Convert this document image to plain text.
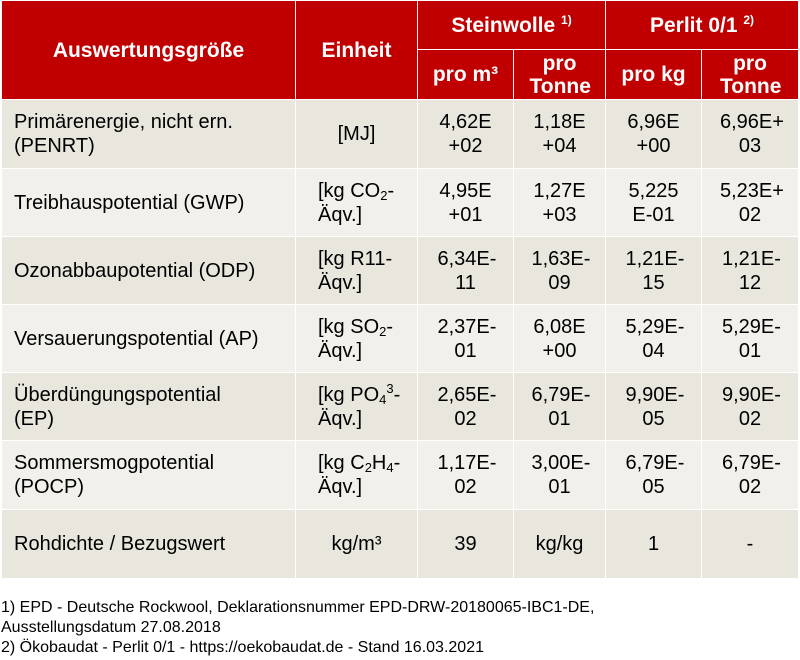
Auswertungsgröße	Einheit	Steinwolle $^{1)}$		Perlit 0/1 $^{2)}$
		pro m³	pro Tonne	pro kg	pro Tonne

Primärenergie, nicht ern. (PENRT)	[MJ]	4,62E +02	1,18E +04	6,96E +00	6,96E+ 03

Treibhauspotential (GWP)	[kg $CO_2-$ Äqv.]	4,95E +01	1,27E +03	5,225 E-01	5,23E+ 02

Ozonabbaupotential (ODP)	[kg R11- Äqv.]	6,34E- 11	1,63E- 09	1,21E- 15	1,21E- 12

Versauerungspotential (AP)	[kg $SO_2-$ Äqv.]	2,37E- 01	6,08E +00	5,29E- 04	5,29E- 01

Überdüngungspotential (EP)	[kg $PO_4^3-$ Äqv.]	2,65E- 02	6,79E- 01	9,90E- 05	9,90E- 02

Sommersmogpotential (POCP)	[kg $C_2H_4-$ Äqv.]	1,17E- 02	3,00E- 01	6,79E- 05	6,79E- 02

Rohdichte / Bezugswert	kg/m³	39	kg/kg	1	-
1) EPD - Deutsche Rockwool, Deklarationsnummer EPD-DRW-20180065-IBC1-DE,
Ausstellungsdatum 27.08.2018
2) Ökobaudat - Perlit 0/1 - https://oekobaudat.de - Stand 16.03.2021
